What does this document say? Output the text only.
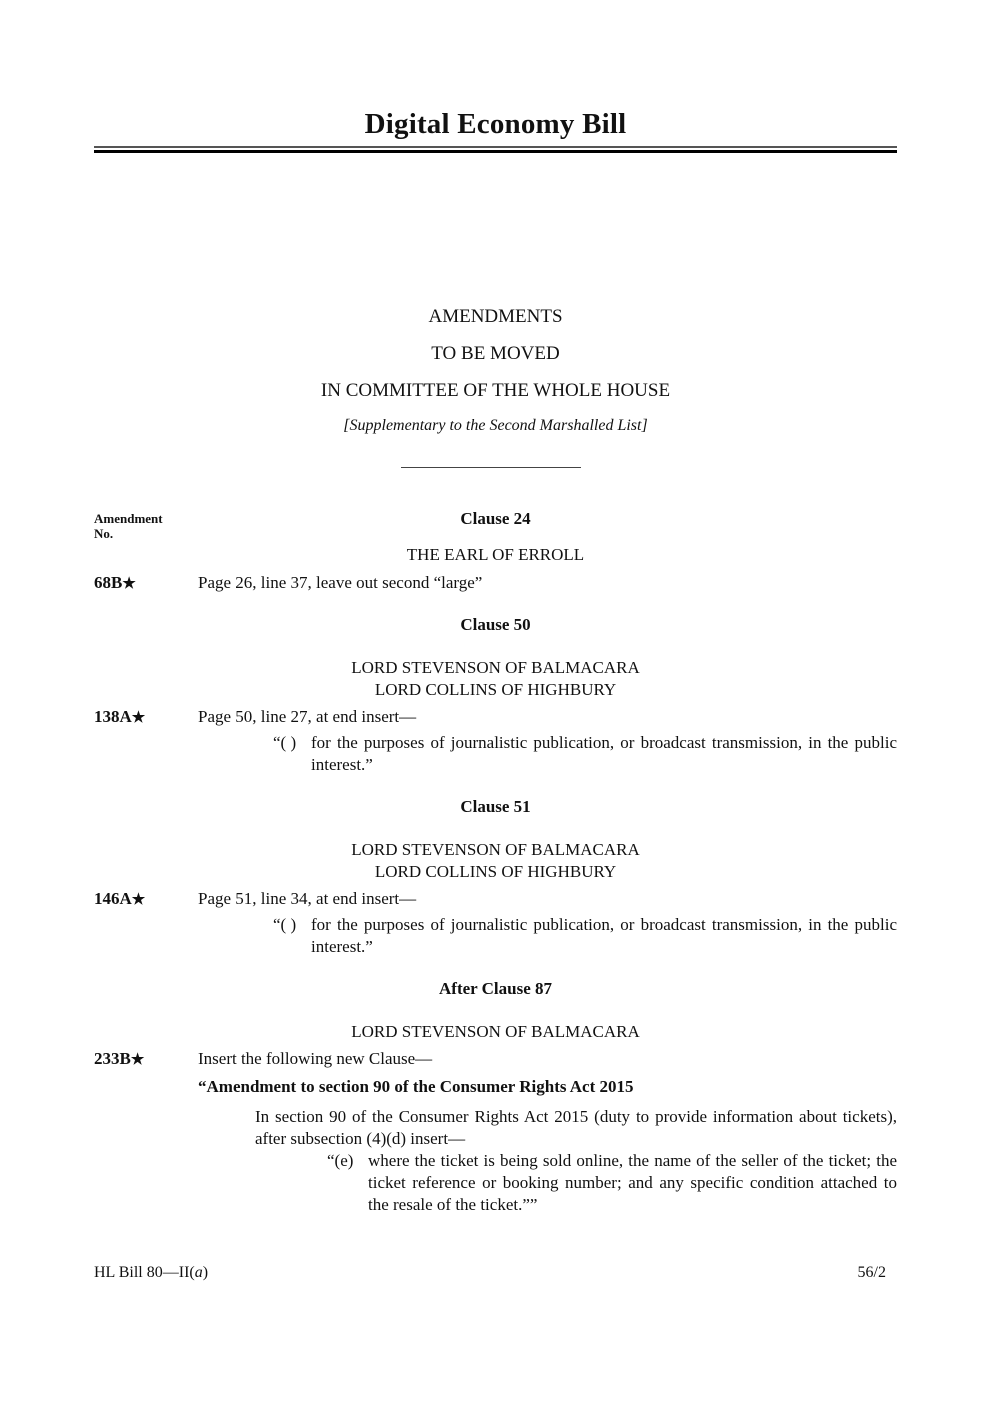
Digital Economy Bill
AMENDMENTS
TO BE MOVED
IN COMMITTEE OF THE WHOLE HOUSE
[Supplementary to the Second Marshalled List]
Amendment
No.
Clause 24
THE EARL OF ERROLL
68B★	Page 26, line 37, leave out second “large”
Clause 50
LORD STEVENSON OF BALMACARA
LORD COLLINS OF HIGHBURY
138A★	Page 50, line 27, at end insert—
“( ) for the purposes of journalistic publication, or broadcast transmission, in the public interest.”
Clause 51
LORD STEVENSON OF BALMACARA
LORD COLLINS OF HIGHBURY
146A★	Page 51, line 34, at end insert—
“( ) for the purposes of journalistic publication, or broadcast transmission, in the public interest.”
After Clause 87
LORD STEVENSON OF BALMACARA
233B★	Insert the following new Clause—
“Amendment to section 90 of the Consumer Rights Act 2015
In section 90 of the Consumer Rights Act 2015 (duty to provide information about tickets), after subsection (4)(d) insert—
“(e) where the ticket is being sold online, the name of the seller of the ticket; the ticket reference or booking number; and any specific condition attached to the resale of the ticket.””
HL Bill 80—II(a)	56/2
